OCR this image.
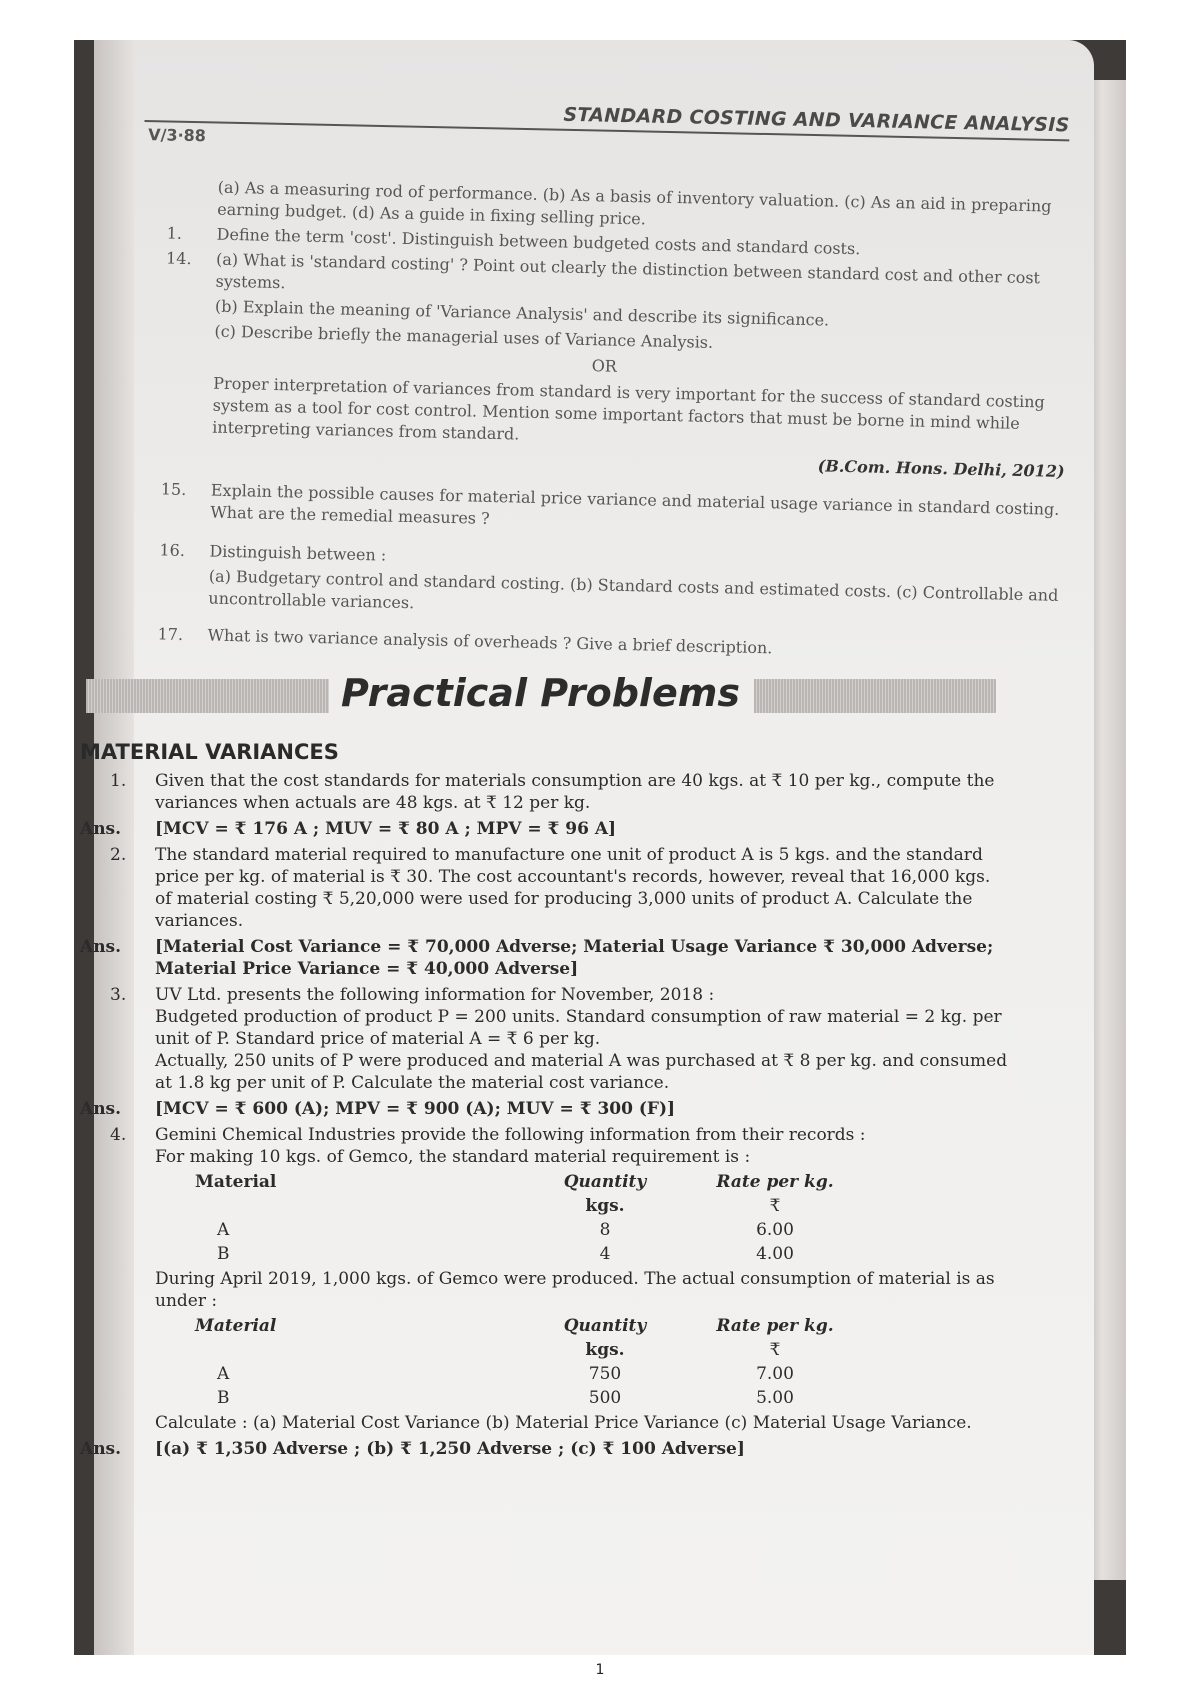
V/3·88	STANDARD COSTING AND VARIANCE ANALYSIS
(a) As a measuring rod of performance. (b) As a basis of inventory valuation. (c) As an aid in preparing earning budget. (d) As a guide in fixing selling price.
1. Define the term 'cost'. Distinguish between budgeted costs and standard costs.
14. (a) What is 'standard costing' ? Point out clearly the distinction between standard cost and other cost systems.
(b) Explain the meaning of 'Variance Analysis' and describe its significance.
(c) Describe briefly the managerial uses of Variance Analysis.
OR
Proper interpretation of variances from standard is very important for the success of standard costing system as a tool for cost control. Mention some important factors that must be borne in mind while interpreting variances from standard.
(B.Com. Hons. Delhi, 2012)
15. Explain the possible causes for material price variance and material usage variance in standard costing. What are the remedial measures ?
16. Distinguish between :
(a) Budgetary control and standard costing. (b) Standard costs and estimated costs. (c) Controllable and uncontrollable variances.
17. What is two variance analysis of overheads ? Give a brief description.
Practical Problems
MATERIAL VARIANCES
1. Given that the cost standards for materials consumption are 40 kgs. at ₹ 10 per kg., compute the variances when actuals are 48 kgs. at ₹ 12 per kg.
Ans. [MCV = ₹ 176 A ; MUV = ₹ 80 A ; MPV = ₹ 96 A]
2. The standard material required to manufacture one unit of product A is 5 kgs. and the standard price per kg. of material is ₹ 30. The cost accountant's records, however, reveal that 16,000 kgs. of material costing ₹ 5,20,000 were used for producing 3,000 units of product A. Calculate the variances.
Ans. [Material Cost Variance = ₹ 70,000 Adverse; Material Usage Variance ₹ 30,000 Adverse; Material Price Variance = ₹ 40,000 Adverse]
3. UV Ltd. presents the following information for November, 2018 :
Budgeted production of product P = 200 units. Standard consumption of raw material = 2 kg. per unit of P. Standard price of material A = ₹ 6 per kg.
Actually, 250 units of P were produced and material A was purchased at ₹ 8 per kg. and consumed at 1.8 kg per unit of P. Calculate the material cost variance.
Ans. [MCV = ₹ 600 (A); MPV = ₹ 900 (A); MUV = ₹ 300 (F)]
4. Gemini Chemical Industries provide the following information from their records :
For making 10 kgs. of Gemco, the standard material requirement is :
Material	Quantity	Rate per kg.
kgs.	₹
A	8	6.00
B	4	4.00
During April 2019, 1,000 kgs. of Gemco were produced. The actual consumption of material is as under :
Material	Quantity	Rate per kg.
kgs.	₹
A	750	7.00
B	500	5.00
Calculate : (a) Material Cost Variance (b) Material Price Variance (c) Material Usage Variance.
Ans. [(a) ₹ 1,350 Adverse ; (b) ₹ 1,250 Adverse ; (c) ₹ 100 Adverse]
1
